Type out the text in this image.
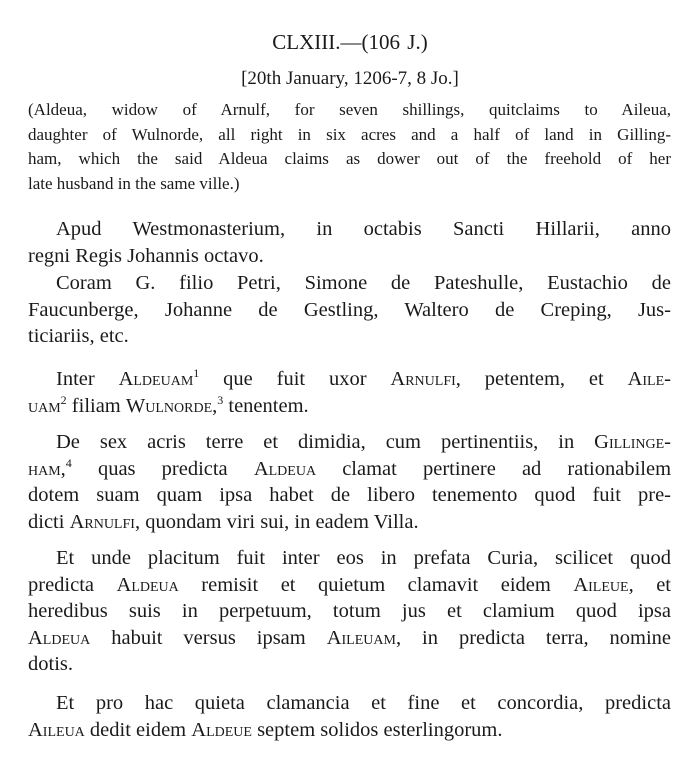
CLXIII.—(106 J.)
[20th January, 1206-7, 8 Jo.]
(Aldeua, widow of Arnulf, for seven shillings, quitclaims to Aileua,
daughter of Wulnorde, all right in six acres and a half of land in Gilling-
ham, which the said Aldeua claims as dower out of the freehold of her
late husband in the same ville.)
Apud Westmonasterium, in octabis Sancti Hillarii, anno
regni Regis Johannis octavo.
Coram G. filio Petri, Simone de Pateshulle, Eustachio de
Faucunberge, Johanne de Gestling, Waltero de Creping, Jus-
ticiariis, etc.
Inter Aldeuam$^1$ que fuit uxor Arnulfi, petentem, et Aile-
uam$^2$ filiam Wulnorde,$^3$ tenentem.
De sex acris terre et dimidia, cum pertinentiis, in Gillinge-
ham,$^4$ quas predicta Aldeua clamat pertinere ad rationabilem
dotem suam quam ipsa habet de libero tenemento quod fuit pre-
dicti Arnulfi, quondam viri sui, in eadem Villa.
Et unde placitum fuit inter eos in prefata Curia, scilicet quod
predicta Aldeua remisit et quietum clamavit eidem Aileue, et
heredibus suis in perpetuum, totum jus et clamium quod ipsa
Aldeua habuit versus ipsam Aileuam, in predicta terra, nomine
dotis.
Et pro hac quieta clamancia et fine et concordia, predicta
Aileua dedit eidem Aldeue septem solidos esterlingorum.
